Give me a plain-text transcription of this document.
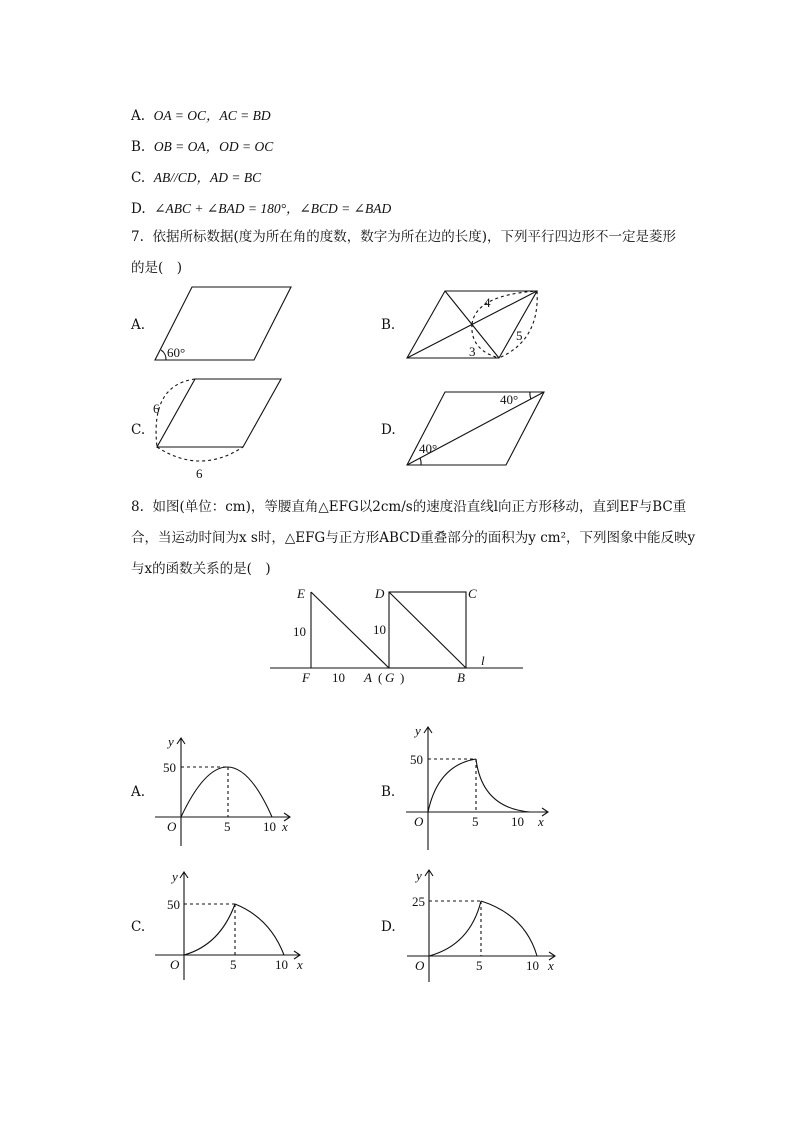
A. OA = OC，AC = BD
B. OB = OA，OD = OC
C. AB//CD，AD = BC
D. ∠ABC + ∠BAD = 180°，∠BCD = ∠BAD
7. 依据所标数据(度为所在角的度数，数字为所在边的长度)，下列平行四边形不一定是菱形
的是(　)
A.	B.
C.	D.
8. 如图(单位：cm)，等腰直角△EFG以2cm/s的速度沿直线l向正方形移动，直到EF与BC重
合，当运动时间为x s时，△EFG与正方形ABCD重叠部分的面积为y cm²，下列图象中能反映y
与x的函数关系的是(　)
A.	B.
C.	D.
60°
4
3
5
6
6
40°
40°
E
F
10
10
10
A ( G )
D	C
B
l
y
50
O	5	10 x
y
50
O	5	10 x
y
50
O	5	10 x
y
25
O	5	10 x
